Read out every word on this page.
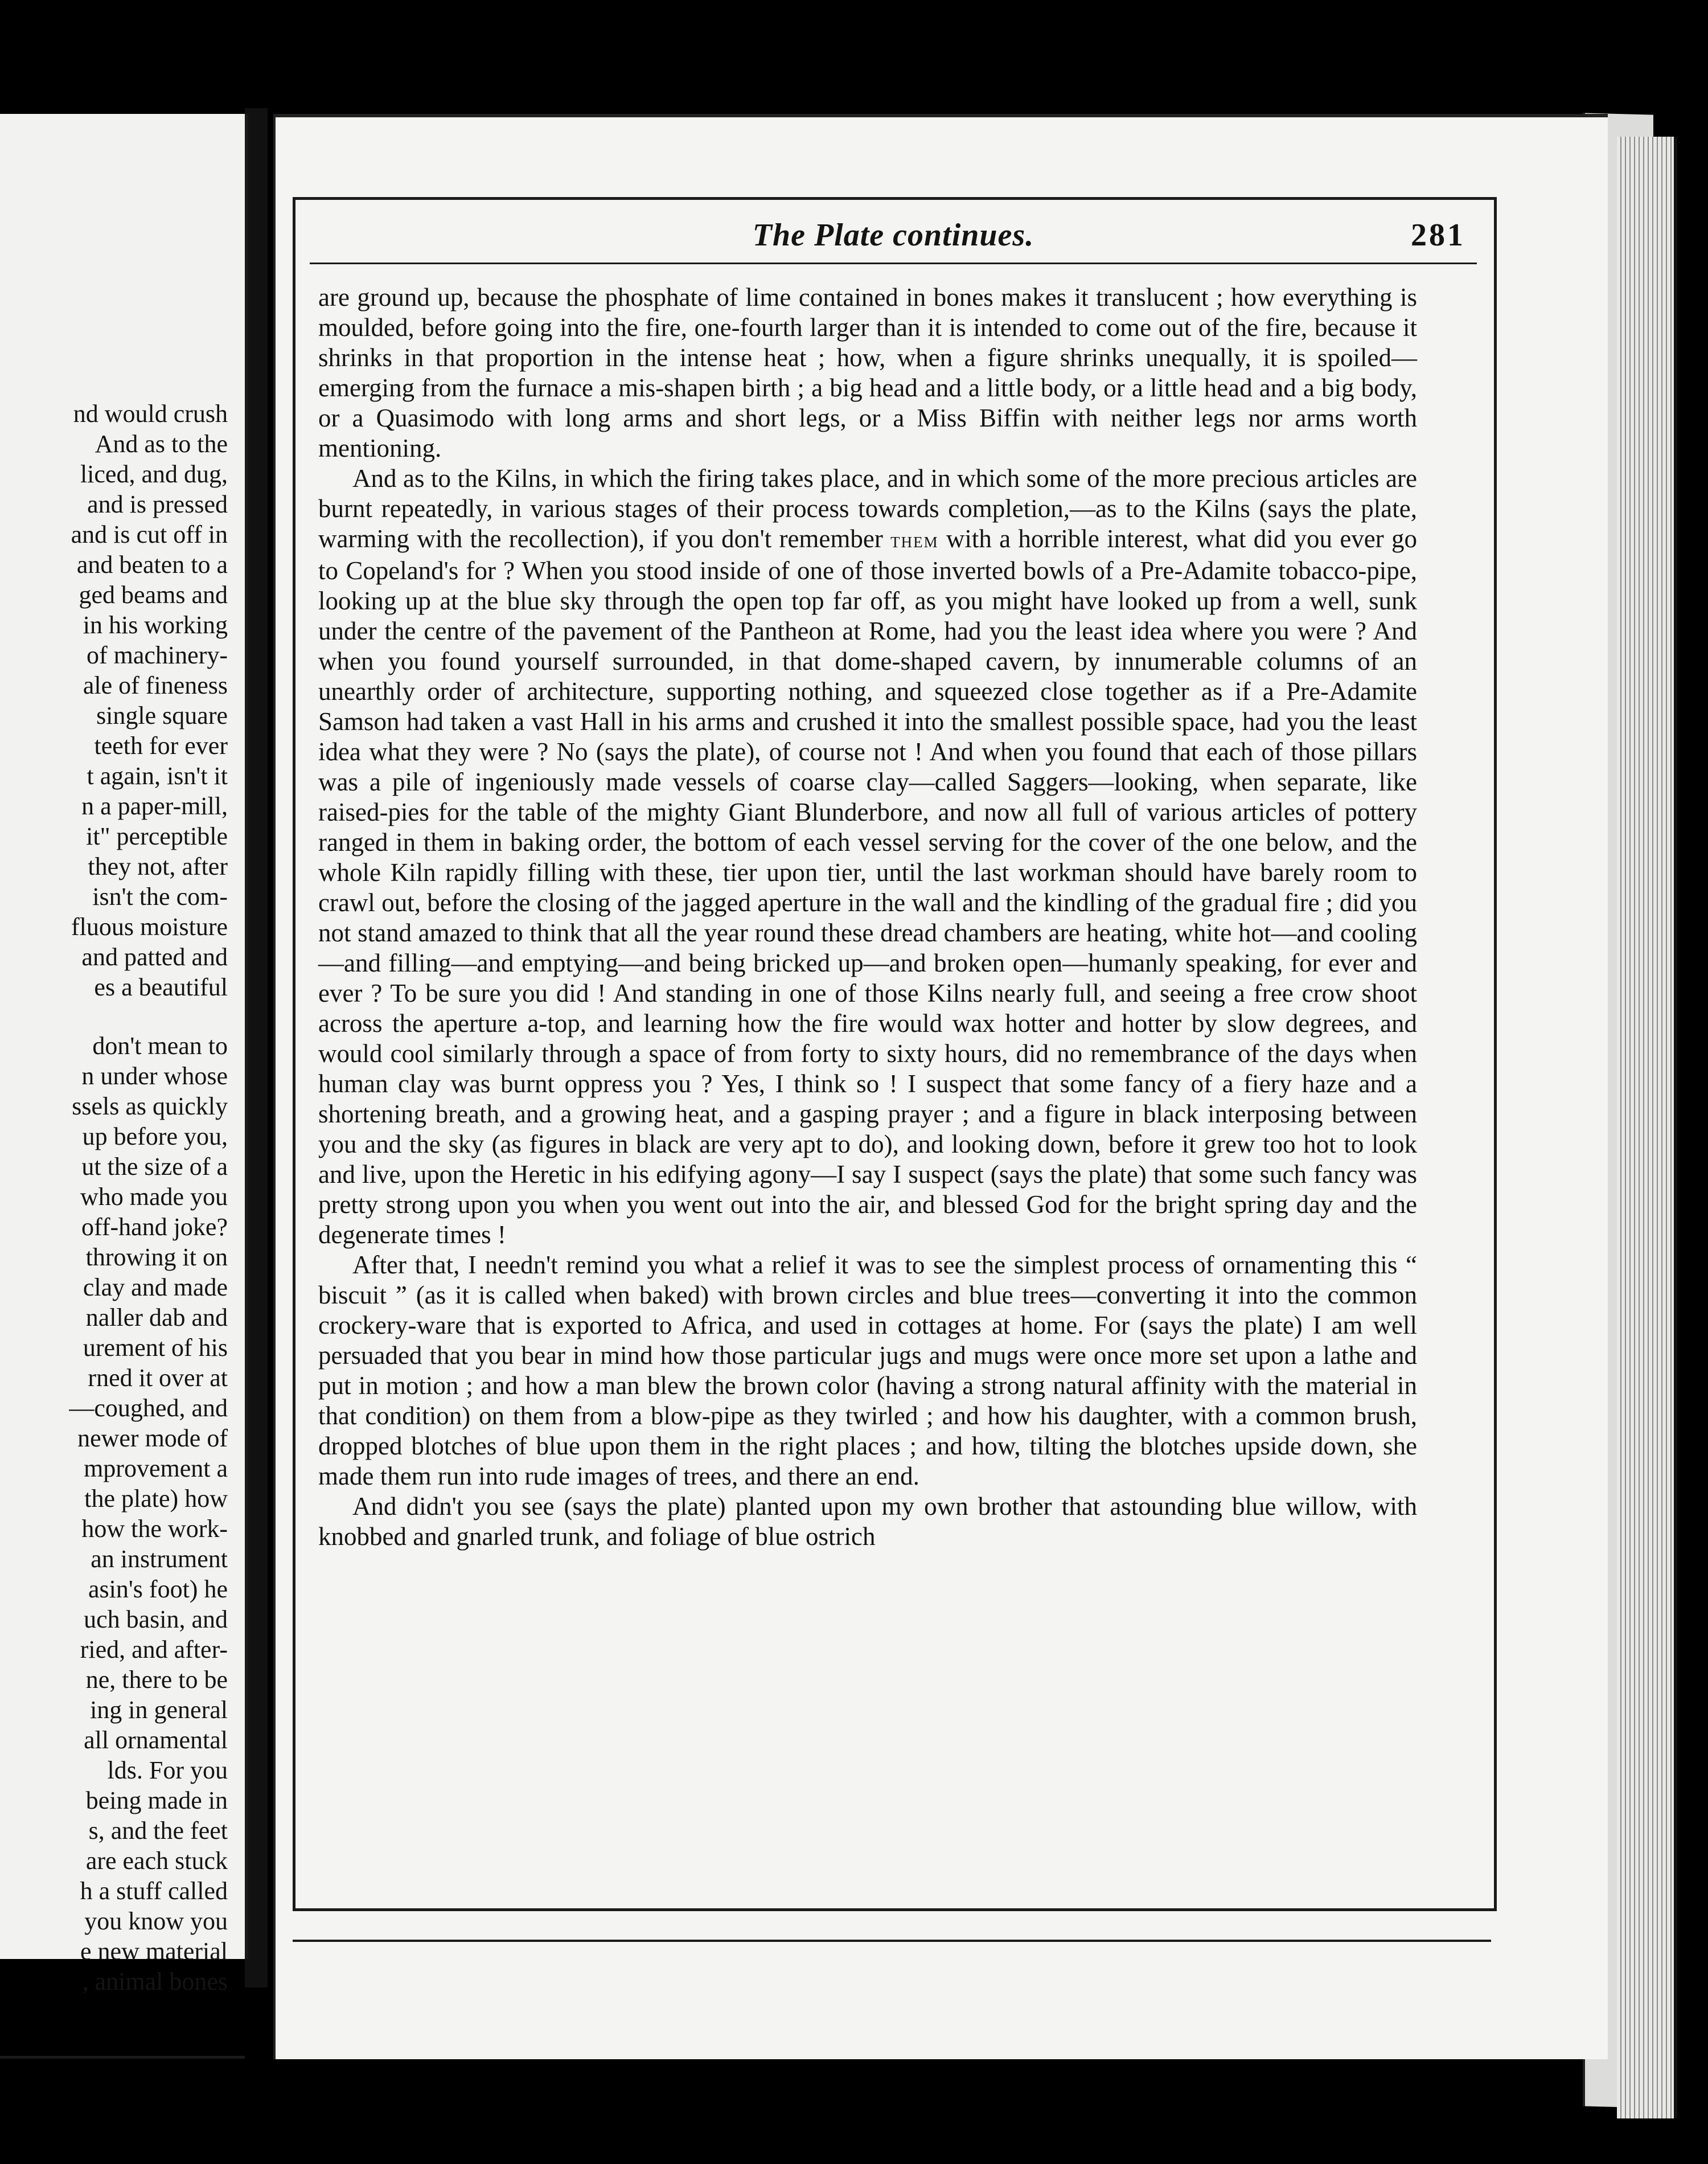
nd would crush
And as to the
liced, and dug,
and is pressed
and is cut off in
and beaten to a
ged beams and
in his working
of machinery-
ale of fineness
single square
teeth for ever
t again, isn't it
n a paper-mill,
it" perceptible
they not, after
isn't the com-
fluous moisture
and patted and
es a beautiful
don't mean to
n under whose
ssels as quickly
up before you,
ut the size of a
who made you
off-hand joke?
throwing it on
clay and made
naller dab and
urement of his
rned it over at
—coughed, and
newer mode of
mprovement a
the plate) how
how the work-
an instrument
asin's foot) he
uch basin, and
ried, and after-
ne, there to be
ing in general
all ornamental
lds. For you
being made in
s, and the feet
are each stuck
h a stuff called
you know you
e new material
, animal bones
The Plate continues.	281

are ground up, because the phosphate of lime contained in bones makes it translucent ; how everything is moulded, before going into the fire, one-fourth larger than it is intended to come out of the fire, because it shrinks in that proportion in the intense heat ; how, when a figure shrinks unequally, it is spoiled—emerging from the furnace a mis-shapen birth ; a big head and a little body, or a little head and a big body, or a Quasimodo with long arms and short legs, or a Miss Biffin with neither legs nor arms worth mentioning.

And as to the Kilns, in which the firing takes place, and in which some of the more precious articles are burnt repeatedly, in various stages of their process towards completion,—as to the Kilns (says the plate, warming with the recollection), if you don't remember them with a horrible interest, what did you ever go to Copeland's for ? When you stood inside of one of those inverted bowls of a Pre-Adamite tobacco-pipe, looking up at the blue sky through the open top far off, as you might have looked up from a well, sunk under the centre of the pavement of the Pantheon at Rome, had you the least idea where you were ? And when you found yourself surrounded, in that dome-shaped cavern, by innumerable columns of an unearthly order of architecture, supporting nothing, and squeezed close together as if a Pre-Adamite Samson had taken a vast Hall in his arms and crushed it into the smallest possible space, had you the least idea what they were ? No (says the plate), of course not ! And when you found that each of those pillars was a pile of ingeniously made vessels of coarse clay—called Saggers—looking, when separate, like raised-pies for the table of the mighty Giant Blunderbore, and now all full of various articles of pottery ranged in them in baking order, the bottom of each vessel serving for the cover of the one below, and the whole Kiln rapidly filling with these, tier upon tier, until the last workman should have barely room to crawl out, before the closing of the jagged aperture in the wall and the kindling of the gradual fire ; did you not stand amazed to think that all the year round these dread chambers are heating, white hot—and cooling—and filling—and emptying—and being bricked up—and broken open—humanly speaking, for ever and ever ? To be sure you did ! And standing in one of those Kilns nearly full, and seeing a free crow shoot across the aperture a-top, and learning how the fire would wax hotter and hotter by slow degrees, and would cool similarly through a space of from forty to sixty hours, did no remembrance of the days when human clay was burnt oppress you ? Yes, I think so ! I suspect that some fancy of a fiery haze and a shortening breath, and a growing heat, and a gasping prayer ; and a figure in black interposing between you and the sky (as figures in black are very apt to do), and looking down, before it grew too hot to look and live, upon the Heretic in his edifying agony—I say I suspect (says the plate) that some such fancy was pretty strong upon you when you went out into the air, and blessed God for the bright spring day and the degenerate times !

After that, I needn't remind you what a relief it was to see the simplest process of ornamenting this “ biscuit ” (as it is called when baked) with brown circles and blue trees—converting it into the common crockery-ware that is exported to Africa, and used in cottages at home. For (says the plate) I am well persuaded that you bear in mind how those particular jugs and mugs were once more set upon a lathe and put in motion ; and how a man blew the brown color (having a strong natural affinity with the material in that condition) on them from a blow-pipe as they twirled ; and how his daughter, with a common brush, dropped blotches of blue upon them in the right places ; and how, tilting the blotches upside down, she made them run into rude images of trees, and there an end.

And didn't you see (says the plate) planted upon my own brother that astounding blue willow, with knobbed and gnarled trunk, and foliage of blue ostrich
